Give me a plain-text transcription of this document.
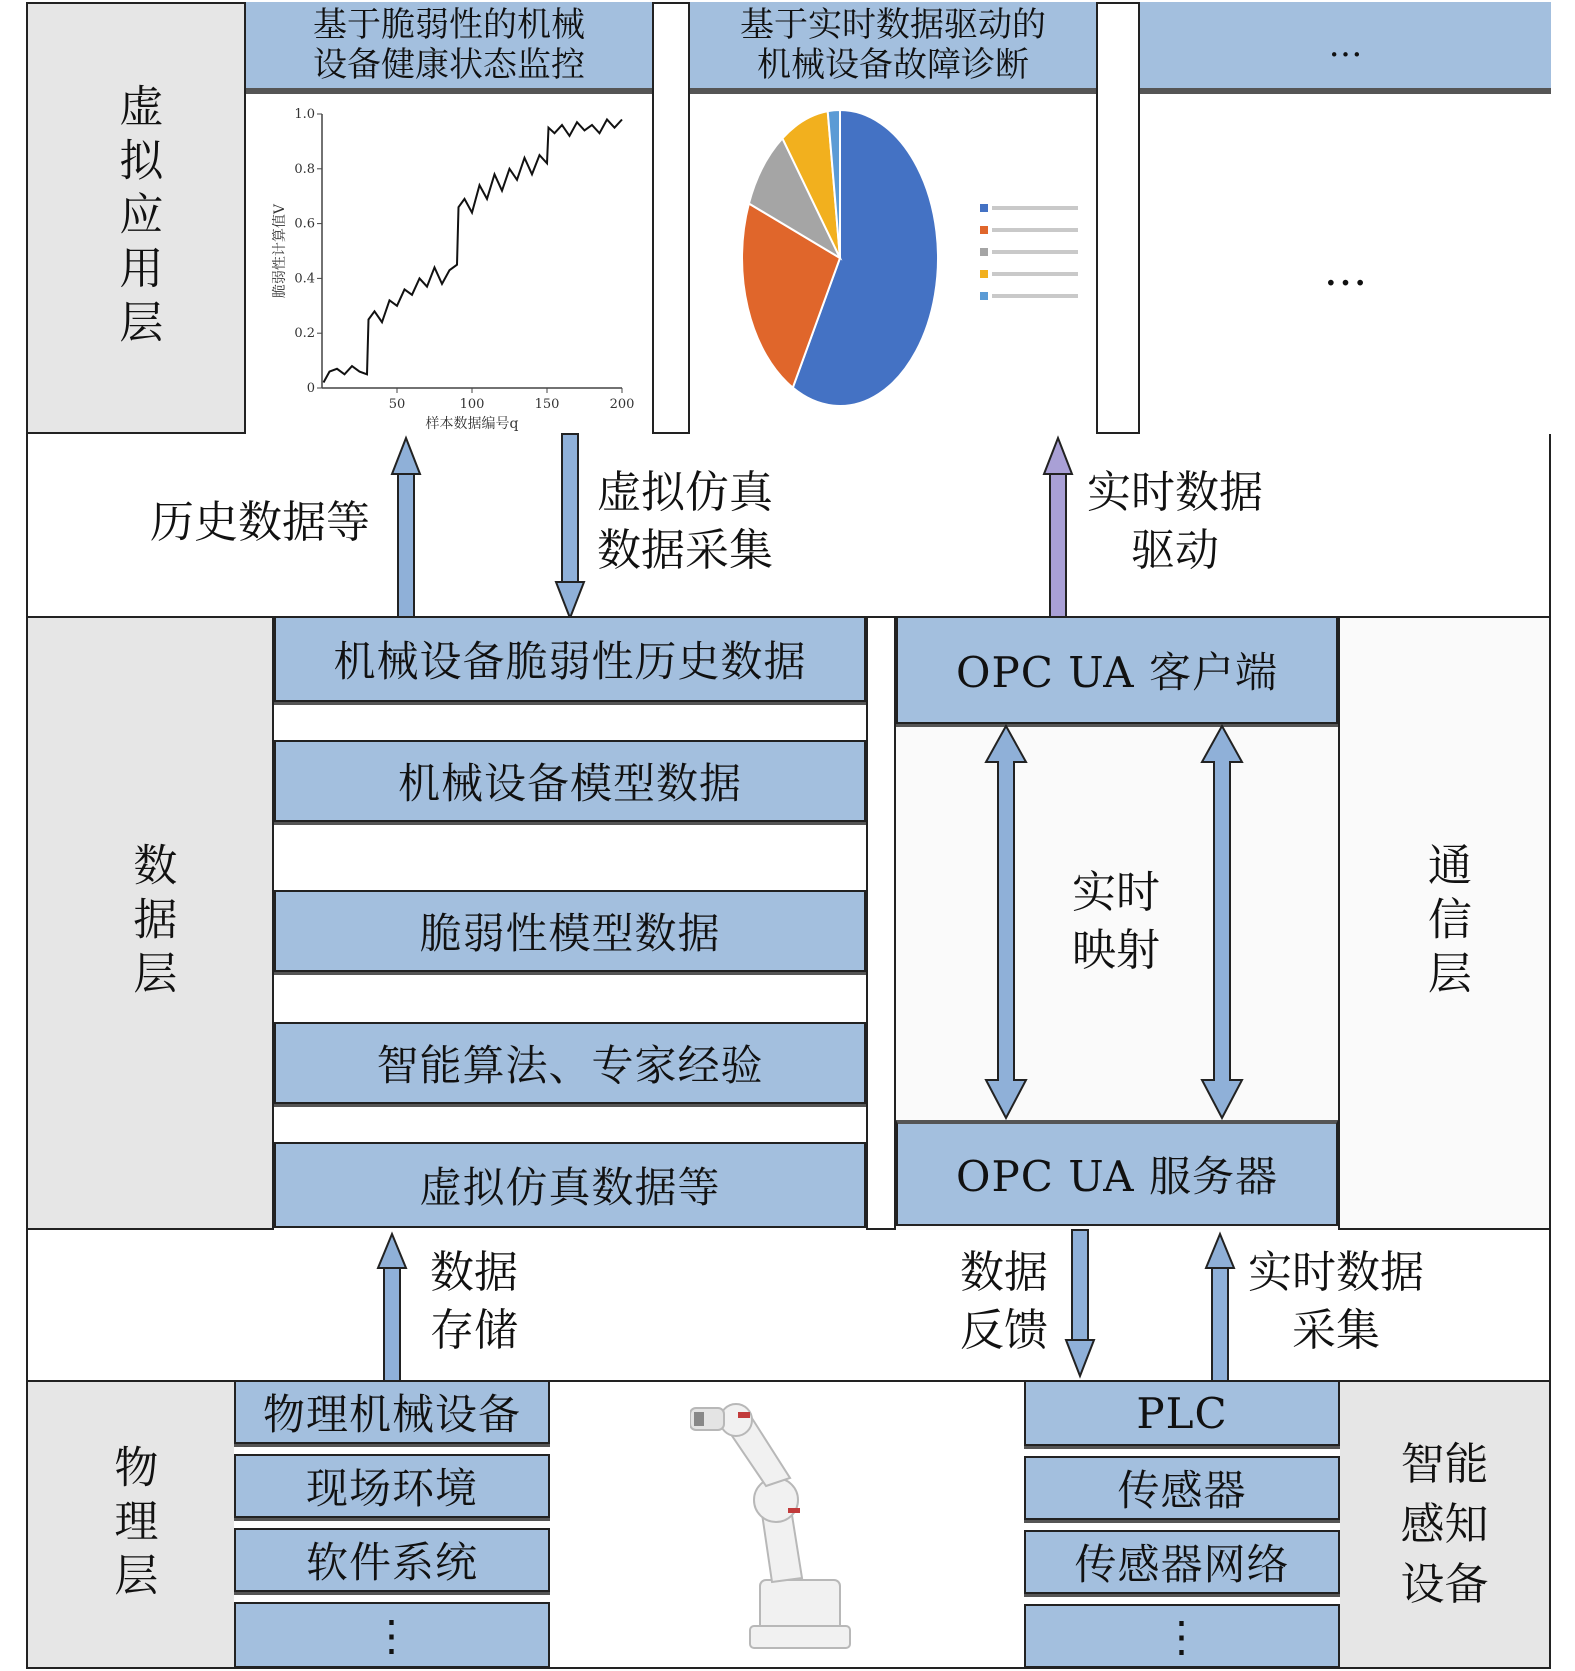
虚拟应用层
数据层	通信层
物理层	智能感知设备
基于脆弱性的机械
设备健康状态监控
50	100	150	200
0
0.2
0.4
0.6
0.8
1.0
样本数据编号q
脆弱性计算值V
基于实时数据驱动的
机械设备故障诊断	…
…
历史数据等
虚拟仿真
数据采集
实时数据
驱动
机械设备脆弱性历史数据
机械设备模型数据
脆弱性模型数据
智能算法、专家经验
虚拟仿真数据等
OPC UA 客户端
OPC UA 服务器
实时
映射
数据
存储
数据
反馈
实时数据
采集
物理机械设备
现场环境
软件系统
⋮
PLC
传感器
传感器网络
⋮
